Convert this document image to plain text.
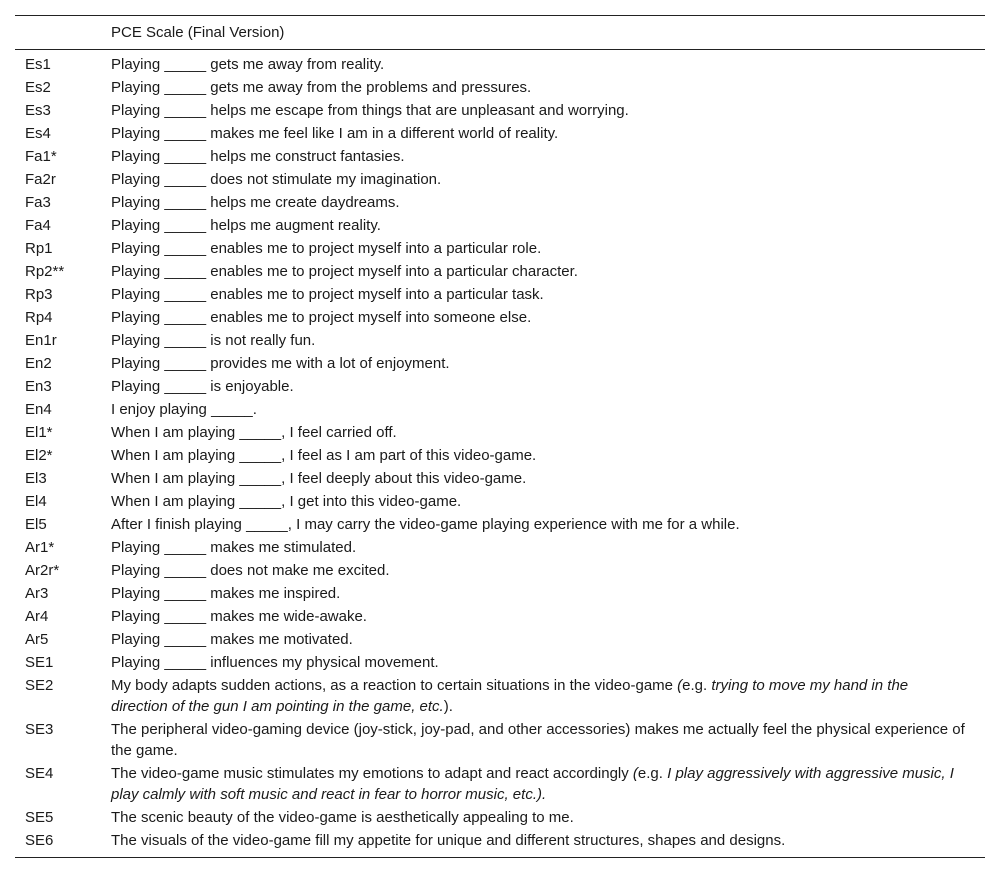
	PCE Scale (Final Version)
Es1	Playing _____ gets me away from reality.
Es2	Playing _____ gets me away from the problems and pressures.
Es3	Playing _____ helps me escape from things that are unpleasant and worrying.
Es4	Playing _____ makes me feel like I am in a different world of reality.
Fa1*	Playing _____ helps me construct fantasies.
Fa2r	Playing _____ does not stimulate my imagination.
Fa3	Playing _____ helps me create daydreams.
Fa4	Playing _____ helps me augment reality.
Rp1	Playing _____ enables me to project myself into a particular role.
Rp2**	Playing _____ enables me to project myself into a particular character.
Rp3	Playing _____ enables me to project myself into a particular task.
Rp4	Playing _____ enables me to project myself into someone else.
En1r	Playing _____ is not really fun.
En2	Playing _____ provides me with a lot of enjoyment.
En3	Playing _____ is enjoyable.
En4	I enjoy playing _____.
El1*	When I am playing _____, I feel carried off.
El2*	When I am playing _____, I feel as I am part of this video-game.
El3	When I am playing _____, I feel deeply about this video-game.
El4	When I am playing _____, I get into this video-game.
El5	After I finish playing _____, I may carry the video-game playing experience with me for a while.
Ar1*	Playing _____ makes me stimulated.
Ar2r*	Playing _____ does not make me excited.
Ar3	Playing _____ makes me inspired.
Ar4	Playing _____ makes me wide-awake.
Ar5	Playing _____ makes me motivated.
SE1	Playing _____ influences my physical movement.
SE2	My body adapts sudden actions, as a reaction to certain situations in the video-game (e.g. trying to move my hand in the direction of the gun I am pointing in the game, etc.).
SE3	The peripheral video-gaming device (joy-stick, joy-pad, and other accessories) makes me actually feel the physical experience of the game.
SE4	The video-game music stimulates my emotions to adapt and react accordingly (e.g. I play aggressively with aggressive music, I play calmly with soft music and react in fear to horror music, etc.).
SE5	The scenic beauty of the video-game is aesthetically appealing to me.
SE6	The visuals of the video-game fill my appetite for unique and different structures, shapes and designs.
